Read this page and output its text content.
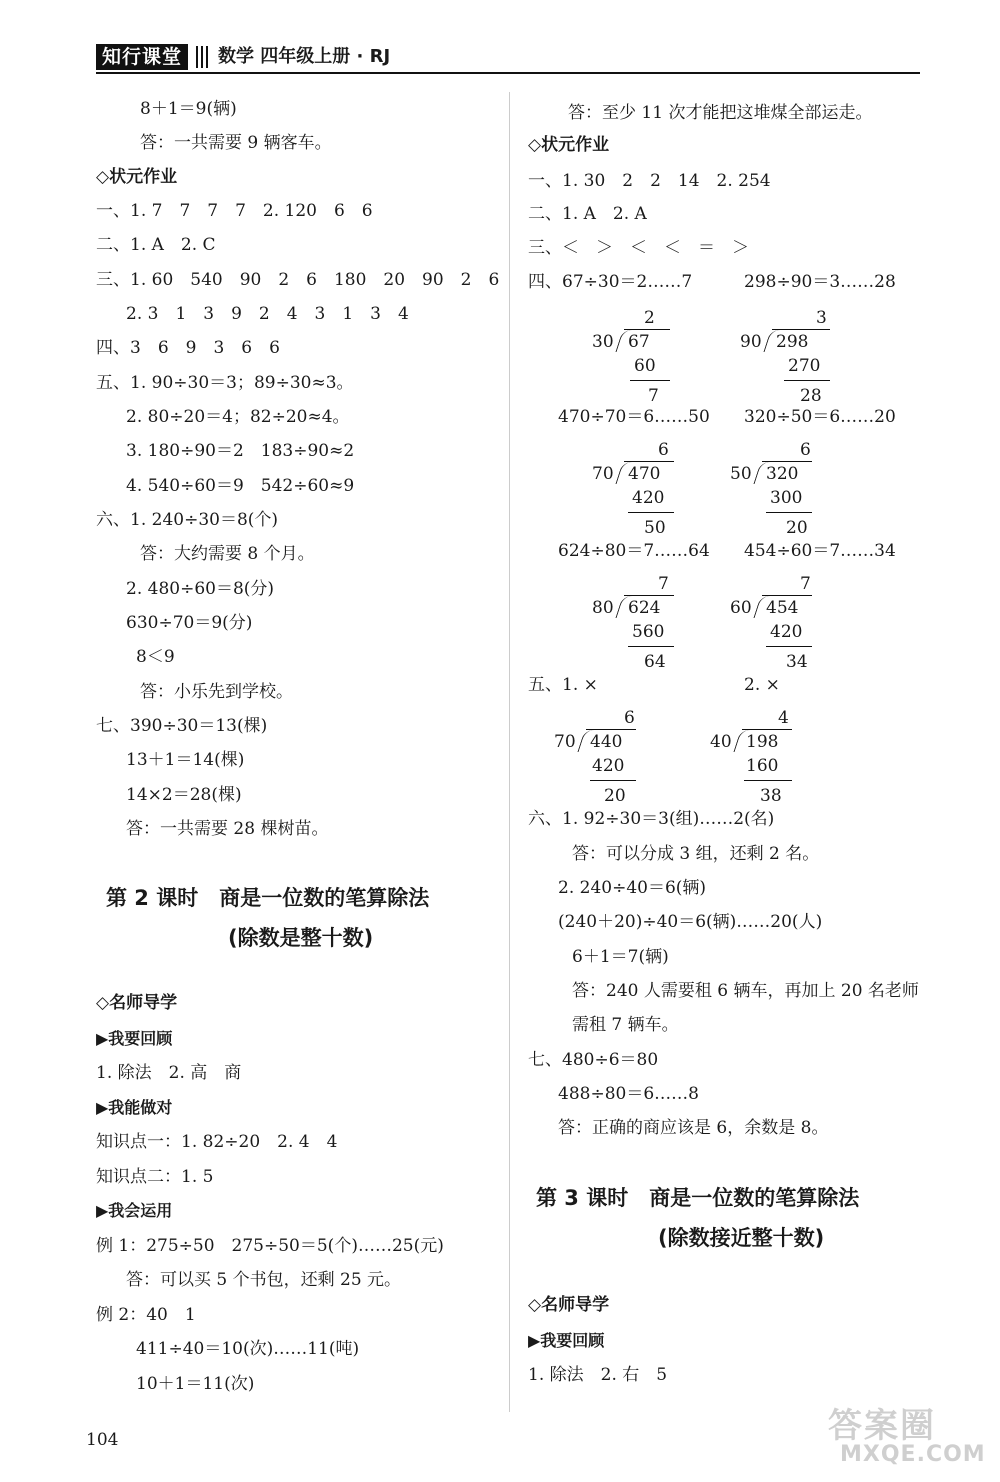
知行课堂	数学 四年级上册 · RJ
8＋1＝9(辆)
答：一共需要 9 辆客车。
◇状元作业
一、1. 7　7　7　7　2. 120　6　6
二、1. A　2. C
三、1. 60　540　90　2　6　180　20　90　2　6
2. 3　1　3　9　2　4　3　1　3　4
四、3　6　9　3　6　6
五、1. 90÷30＝3；89÷30≈3。
2. 80÷20＝4；82÷20≈4。
3. 180÷90＝2　183÷90≈2
4. 540÷60＝9　542÷60≈9
六、1. 240÷30＝8(个)
答：大约需要 8 个月。
2. 480÷60＝8(分)
630÷70＝9(分)
8＜9
答：小乐先到学校。
七、390÷30＝13(棵)
13＋1＝14(棵)
14×2＝28(棵)
答：一共需要 28 棵树苗。
第 2 课时　商是一位数的笔算除法
(除数是整十数)
◇名师导学
▶我要回顾
1. 除法　2. 高　商
▶我能做对
知识点一：1. 82÷20　2. 4　4
知识点二：1. 5
▶我会运用
例 1：275÷50　275÷50＝5(个)……25(元)
答：可以买 5 个书包，还剩 25 元。
例 2：40　1
411÷40＝10(次)……11(吨)
10＋1＝11(次)
答：至少 11 次才能把这堆煤全部运走。
◇状元作业
一、1. 30　2　2　14　2. 254
二、1. A　2. A
三、＜　＞　＜　＜　＝　＞
四、67÷30＝2……7	298÷90＝3……28
2
30 67
60
7
3
90 298
270
28
470÷70＝6……50 320÷50＝6……20
6
70 470
420
50
6
50 320
300
20
624÷80＝7……64 454÷60＝7……34
7
80 624
560
64
7
60 454
420
34
五、1. ×	2. ×
6
70 440
420
20
4
40 198
160
38
六、1. 92÷30＝3(组)……2(名)
答：可以分成 3 组，还剩 2 名。
2. 240÷40＝6(辆)
(240＋20)÷40＝6(辆)……20(人)
6＋1＝7(辆)
答：240 人需要租 6 辆车，再加上 20 名老师
需租 7 辆车。
七、480÷6＝80
488÷80＝6……8
答：正确的商应该是 6，余数是 8。
第 3 课时　商是一位数的笔算除法
(除数接近整十数)
◇名师导学
▶我要回顾
1. 除法　2. 右　5
104	答案圈
MXQE.COM
